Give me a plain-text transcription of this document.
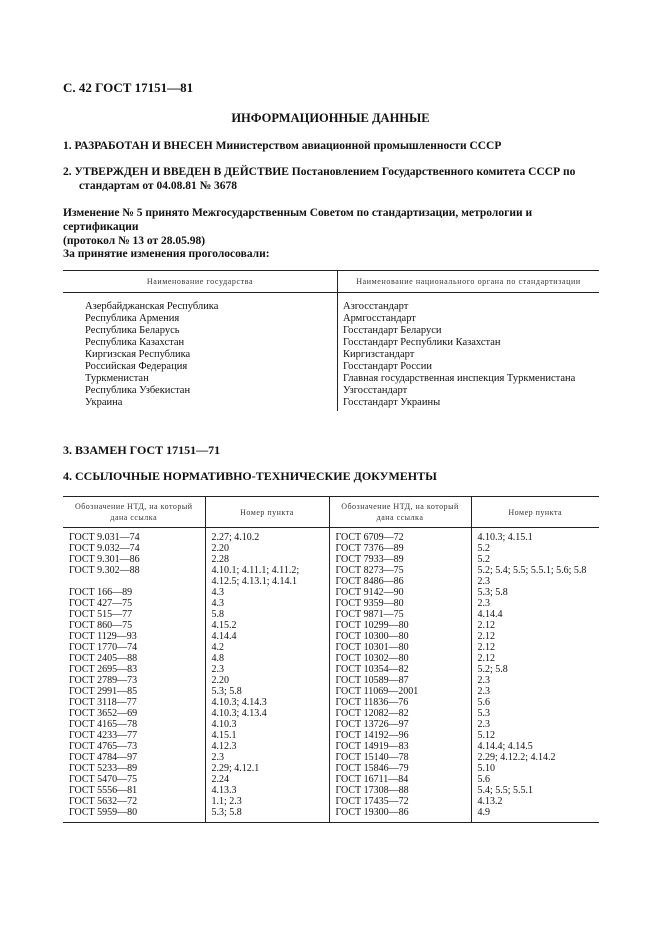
С. 42 ГОСТ 17151—81
ИНФОРМАЦИОННЫЕ ДАННЫЕ
1. РАЗРАБОТАН И ВНЕСЕН Министерством авиационной промышленности СССР
2. УТВЕРЖДЕН И ВВЕДЕН В ДЕЙСТВИЕ Постановлением Государственного комитета СССР по
стандартам от 04.08.81 № 3678
Изменение № 5 принято Межгосударственным Советом по стандартизации, метрологии и сертификации
(протокол № 13 от 28.05.98)
За принятие изменения проголосовали:
Наименование государства	Наименование национального органа по стандартизации
Азербайджанская Республика	Азгосстандарт
Республика Армения	Армгосстандарт
Республика Беларусь	Госстандарт Беларуси
Республика Казахстан	Госстандарт Республики Казахстан
Киргизская Республика	Киргизстандарт
Российская Федерация	Госстандарт России
Туркменистан	Главная государственная инспекция Туркменистана
Республика Узбекистан	Узгосстандарт
Украина	Госстандарт Украины
3. ВЗАМЕН ГОСТ 17151—71
4. ССЫЛОЧНЫЕ НОРМАТИВНО-ТЕХНИЧЕСКИЕ ДОКУМЕНТЫ
Обозначение НТД, на который дана ссылка	Номер пункта	Обозначение НТД, на который дана ссылка	Номер пункта
ГОСТ 9.031—74	2.27; 4.10.2	ГОСТ 6709—72	4.10.3; 4.15.1
ГОСТ 9.032—74	2.20	ГОСТ 7376—89	5.2
ГОСТ 9.301—86	2.28	ГОСТ 7933—89	5.2
ГОСТ 9.302—88	4.10.1; 4.11.1; 4.11.2;	ГОСТ 8273—75	5.2; 5.4; 5.5; 5.5.1; 5.6; 5.8
	4.12.5; 4.13.1; 4.14.1	ГОСТ 8486—86	2.3
ГОСТ 166—89	4.3	ГОСТ 9142—90	5.3; 5.8
ГОСТ 427—75	4.3	ГОСТ 9359—80	2.3
ГОСТ 515—77	5.8	ГОСТ 9871—75	4.14.4
ГОСТ 860—75	4.15.2	ГОСТ 10299—80	2.12
ГОСТ 1129—93	4.14.4	ГОСТ 10300—80	2.12
ГОСТ 1770—74	4.2	ГОСТ 10301—80	2.12
ГОСТ 2405—88	4.8	ГОСТ 10302—80	2.12
ГОСТ 2695—83	2.3	ГОСТ 10354—82	5.2; 5.8
ГОСТ 2789—73	2.20	ГОСТ 10589—87	2.3
ГОСТ 2991—85	5.3; 5.8	ГОСТ 11069—2001	2.3
ГОСТ 3118—77	4.10.3; 4.14.3	ГОСТ 11836—76	5.6
ГОСТ 3652—69	4.10.3; 4.13.4	ГОСТ 12082—82	5.3
ГОСТ 4165—78	4.10.3	ГОСТ 13726—97	2.3
ГОСТ 4233—77	4.15.1	ГОСТ 14192—96	5.12
ГОСТ 4765—73	4.12.3	ГОСТ 14919—83	4.14.4; 4.14.5
ГОСТ 4784—97	2.3	ГОСТ 15140—78	2.29; 4.12.2; 4.14.2
ГОСТ 5233—89	2.29; 4.12.1	ГОСТ 15846—79	5.10
ГОСТ 5470—75	2.24	ГОСТ 16711—84	5.6
ГОСТ 5556—81	4.13.3	ГОСТ 17308—88	5.4; 5.5; 5.5.1
ГОСТ 5632—72	1.1; 2.3	ГОСТ 17435—72	4.13.2
ГОСТ 5959—80	5.3; 5.8	ГОСТ 19300—86	4.9
